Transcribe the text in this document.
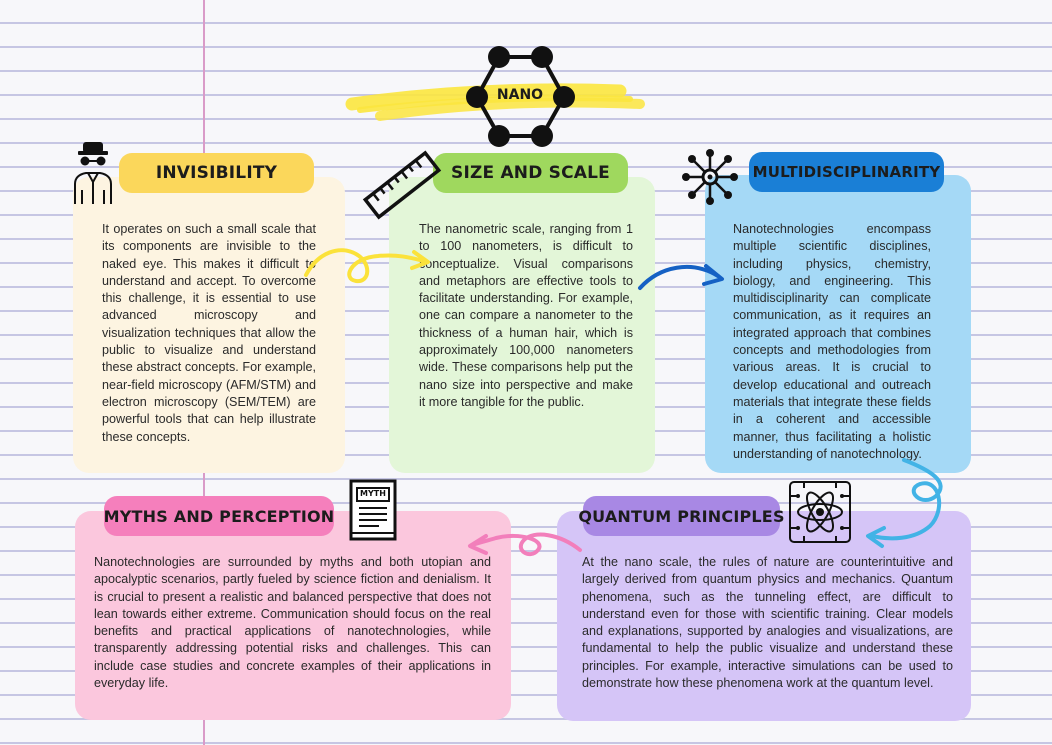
NANO

It operates on such a small scale that its components are invisible to the naked eye. This makes it difficult to understand and accept. To overcome this challenge, it is essential to use advanced microscopy and visualization techniques that allow the public to visualize and understand these abstract concepts. For example, near-field microscopy (AFM/STM) and electron microscopy (SEM/TEM) are powerful tools that can help illustrate these concepts.

INVISIBILITY

The nanometric scale, ranging from 1 to 100 nanometers, is difficult to conceptualize. Visual comparisons and metaphors are effective tools to facilitate understanding. For example, one can compare a nanometer to the thickness of a human hair, which is approximately 100,000 nanometers wide. These comparisons help put the nano size into perspective and make it more tangible for the public.

SIZE AND SCALE

Nanotechnologies encompass multiple scientific disciplines, including physics, chemistry, biology, and engineering. This multidisciplinarity can complicate communication, as it requires an integrated approach that combines concepts and methodologies from various areas. It is crucial to develop educational and outreach materials that integrate these fields in a coherent and accessible manner, thus facilitating a holistic understanding of nanotechnology.

MULTIDISCIPLINARITY

Nanotechnologies are surrounded by myths and both utopian and apocalyptic scenarios, partly fueled by science fiction and denialism. It is crucial to present a realistic and balanced perspective that does not lean towards either extreme. Communication should focus on the real benefits and practical applications of nanotechnologies, while transparently addressing potential risks and challenges. This can include case studies and concrete examples of their applications in everyday life.

MYTHS AND PERCEPTION
MYTH

At the nano scale, the rules of nature are counterintuitive and largely derived from quantum physics and mechanics. Quantum phenomena, such as the tunneling effect, are difficult to understand even for those with scientific training. Clear models and explanations, supported by analogies and visualizations, are fundamental to help the public visualize and understand these principles. For example, interactive simulations can be used to demonstrate how these phenomena work at the quantum level.

QUANTUM PRINCIPLES
